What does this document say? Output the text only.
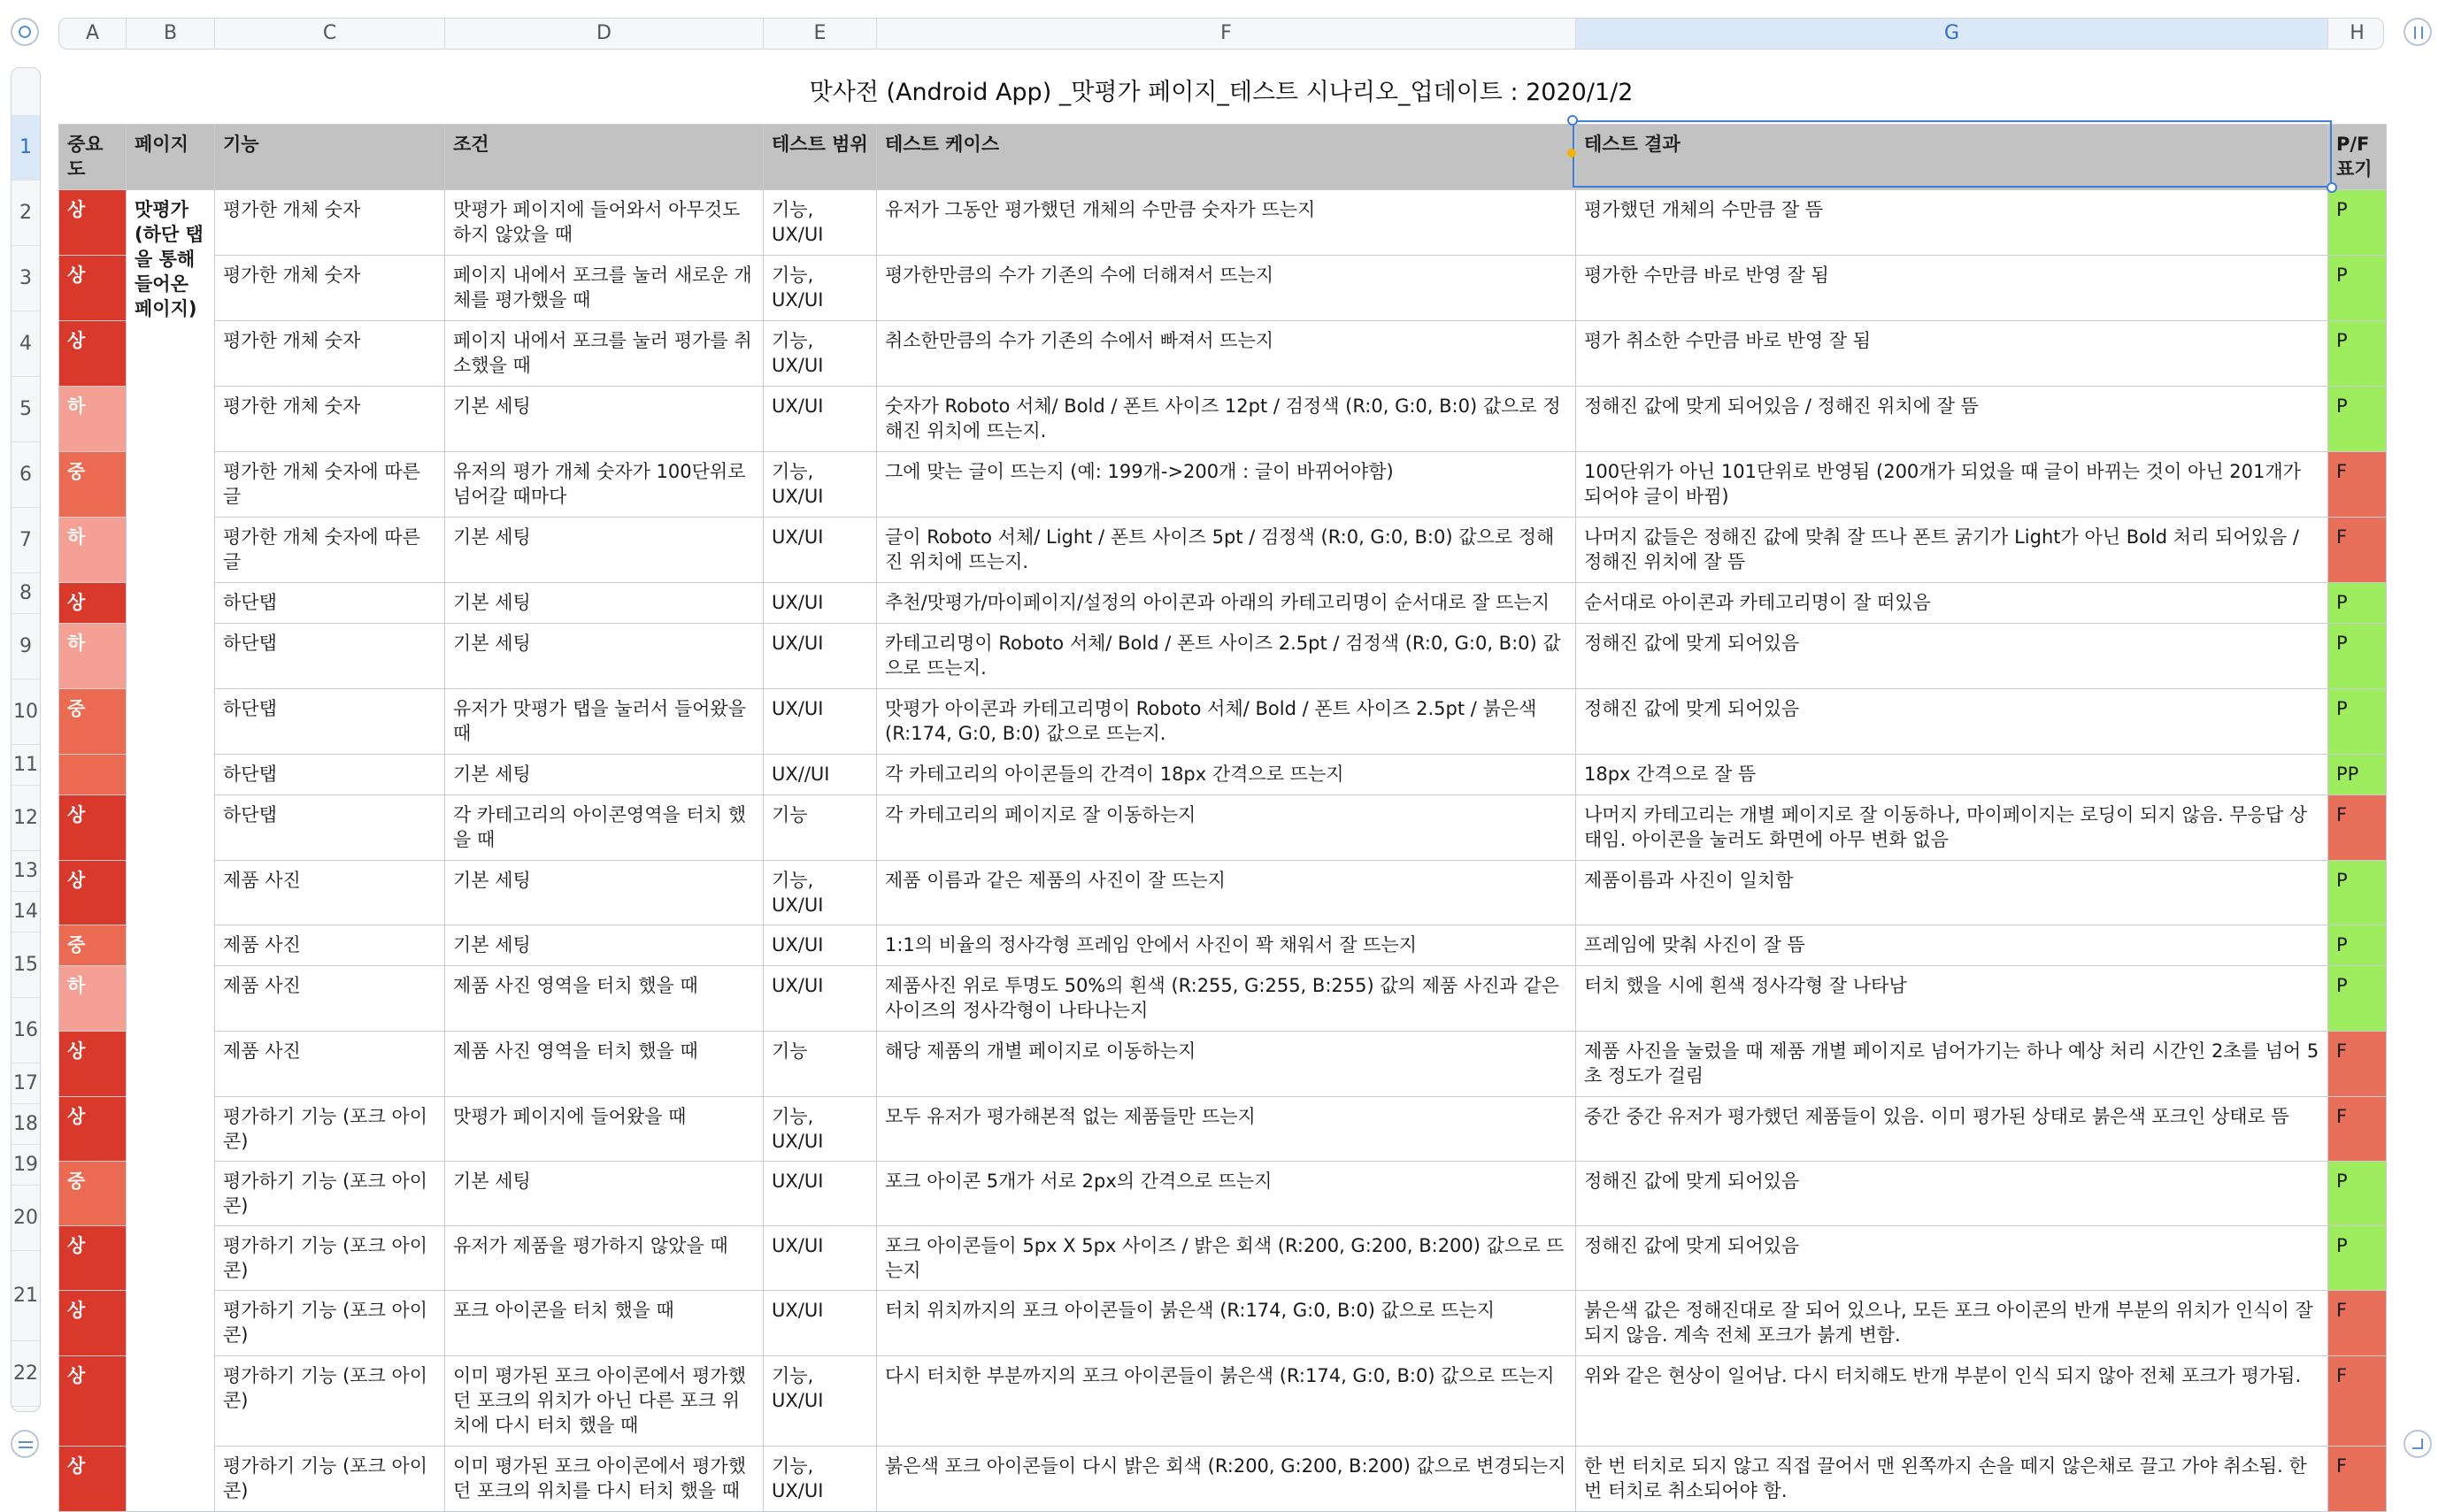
A	B	C	D	E	F	G	H
1
2
3
4
5
6
7
8
9
10
11
12
13
14
15
16
17
18
19
20
21
22
맛사전 (Android App) _맛평가 페이지_테스트 시나리오_업데이트 : 2020/1/2
중요도	페이지	기능	조건	테스트 범위	테스트 케이스	테스트 결과	P/F 표기
상	맛평가 (하단 탭을 통해 들어온 페이지)	평가한 개체 숫자	맛평가 페이지에 들어와서 아무것도 하지 않았을 때	기능, UX/UI	유저가 그동안 평가했던 개체의 수만큼 숫자가 뜨는지	평가했던 개체의 수만큼 잘 뜸	P
상		평가한 개체 숫자	페이지 내에서 포크를 눌러 새로운 개체를 평가했을 때	기능, UX/UI	평가한만큼의 수가 기존의 수에 더해져서 뜨는지	평가한 수만큼 바로 반영 잘 됨	P
상		평가한 개체 숫자	페이지 내에서 포크를 눌러 평가를 취소했을 때	기능, UX/UI	취소한만큼의 수가 기존의 수에서 빠져서 뜨는지	평가 취소한 수만큼 바로 반영 잘 됨	P
하		평가한 개체 숫자	기본 세팅	UX/UI	숫자가 Roboto 서체/ Bold / 폰트 사이즈 12pt / 검정색 (R:0, G:0, B:0) 값으로 정해진 위치에 뜨는지.	정해진 값에 맞게 되어있음 / 정해진 위치에 잘 뜸	P
중		평가한 개체 숫자에 따른 글	유저의 평가 개체 숫자가 100단위로 넘어갈 때마다	기능, UX/UI	그에 맞는 글이 뜨는지 (예: 199개->200개 : 글이 바뀌어야함)	100단위가 아닌 101단위로 반영됨 (200개가 되었을 때 글이 바뀌는 것이 아닌 201개가 되어야 글이 바뀜)	F
하		평가한 개체 숫자에 따른 글	기본 세팅	UX/UI	글이 Roboto 서체/ Light / 폰트 사이즈 5pt / 검정색 (R:0, G:0, B:0) 값으로 정해진 위치에 뜨는지.	나머지 값들은 정해진 값에 맞춰 잘 뜨나 폰트 굵기가 Light가 아닌 Bold 처리 되어있음 / 정해진 위치에 잘 뜸	F
상		하단탭	기본 세팅	UX/UI	추천/맛평가/마이페이지/설정의 아이콘과 아래의 카테고리명이 순서대로 잘 뜨는지	순서대로 아이콘과 카테고리명이 잘 떠있음	P
하		하단탭	기본 세팅	UX/UI	카테고리명이 Roboto 서체/ Bold / 폰트 사이즈 2.5pt / 검정색 (R:0, G:0, B:0) 값으로 뜨는지.	정해진 값에 맞게 되어있음	P
중		하단탭	유저가 맛평가 탭을 눌러서 들어왔을 때	UX/UI	맛평가 아이콘과 카테고리명이 Roboto 서체/ Bold / 폰트 사이즈 2.5pt / 붉은색 (R:174, G:0, B:0) 값으로 뜨는지.	정해진 값에 맞게 되어있음	P
		하단탭	기본 세팅	UX//UI	각 카테고리의 아이콘들의 간격이 18px 간격으로 뜨는지	18px 간격으로 잘 뜸	PP
상		하단탭	각 카테고리의 아이콘영역을 터치 했을 때	기능	각 카테고리의 페이지로 잘 이동하는지	나머지 카테고리는 개별 페이지로 잘 이동하나, 마이페이지는 로딩이 되지 않음. 무응답 상태임. 아이콘을 눌러도 화면에 아무 변화 없음	F
상		제품 사진	기본 세팅	기능, UX/UI	제품 이름과 같은 제품의 사진이 잘 뜨는지	제품이름과 사진이 일치함	P
중		제품 사진	기본 세팅	UX/UI	1:1의 비율의 정사각형 프레임 안에서 사진이 꽉 채워서 잘 뜨는지	프레임에 맞춰 사진이 잘 뜸	P
하		제품 사진	제품 사진 영역을 터치 했을 때	UX/UI	제품사진 위로 투명도 50%의 흰색 (R:255, G:255, B:255) 값의 제품 사진과 같은 사이즈의 정사각형이 나타나는지	터치 했을 시에 흰색 정사각형 잘 나타남	P
상		제품 사진	제품 사진 영역을 터치 했을 때	기능	해당 제품의 개별 페이지로 이동하는지	제품 사진을 눌렀을 때 제품 개별 페이지로 넘어가기는 하나 예상 처리 시간인 2초를 넘어 5초 정도가 걸림	F
상		평가하기 기능 (포크 아이콘)	맛평가 페이지에 들어왔을 때	기능, UX/UI	모두 유저가 평가해본적 없는 제품들만 뜨는지	중간 중간 유저가 평가했던 제품들이 있음. 이미 평가된 상태로 붉은색 포크인 상태로 뜸	F
중		평가하기 기능 (포크 아이콘)	기본 세팅	UX/UI	포크 아이콘 5개가 서로 2px의 간격으로 뜨는지	정해진 값에 맞게 되어있음	P
상		평가하기 기능 (포크 아이콘)	유저가 제품을 평가하지 않았을 때	UX/UI	포크 아이콘들이 5px X 5px 사이즈 / 밝은 회색 (R:200, G:200, B:200) 값으로 뜨는지	정해진 값에 맞게 되어있음	P
상		평가하기 기능 (포크 아이콘)	포크 아이콘을 터치 했을 때	UX/UI	터치 위치까지의 포크 아이콘들이 붉은색 (R:174, G:0, B:0) 값으로 뜨는지	붉은색 값은 정해진대로 잘 되어 있으나, 모든 포크 아이콘의 반개 부분의 위치가 인식이 잘 되지 않음. 계속 전체 포크가 붉게 변함.	F
상		평가하기 기능 (포크 아이콘)	이미 평가된 포크 아이콘에서 평가했던 포크의 위치가 아닌 다른 포크 위치에 다시 터치 했을 때	기능, UX/UI	다시 터치한 부분까지의 포크 아이콘들이 붉은색 (R:174, G:0, B:0) 값으로 뜨는지	위와 같은 현상이 일어남. 다시 터치해도 반개 부분이 인식 되지 않아 전체 포크가 평가됨.	F
상		평가하기 기능 (포크 아이콘)	이미 평가된 포크 아이콘에서 평가했던 포크의 위치를 다시 터치 했을 때	기능, UX/UI	붉은색 포크 아이콘들이 다시 밝은 회색 (R:200, G:200, B:200) 값으로 변경되는지	한 번 터치로 되지 않고 직접 끌어서 맨 왼쪽까지 손을 떼지 않은채로 끌고 가야 취소됨. 한 번 터치로 취소되어야 함.	F
